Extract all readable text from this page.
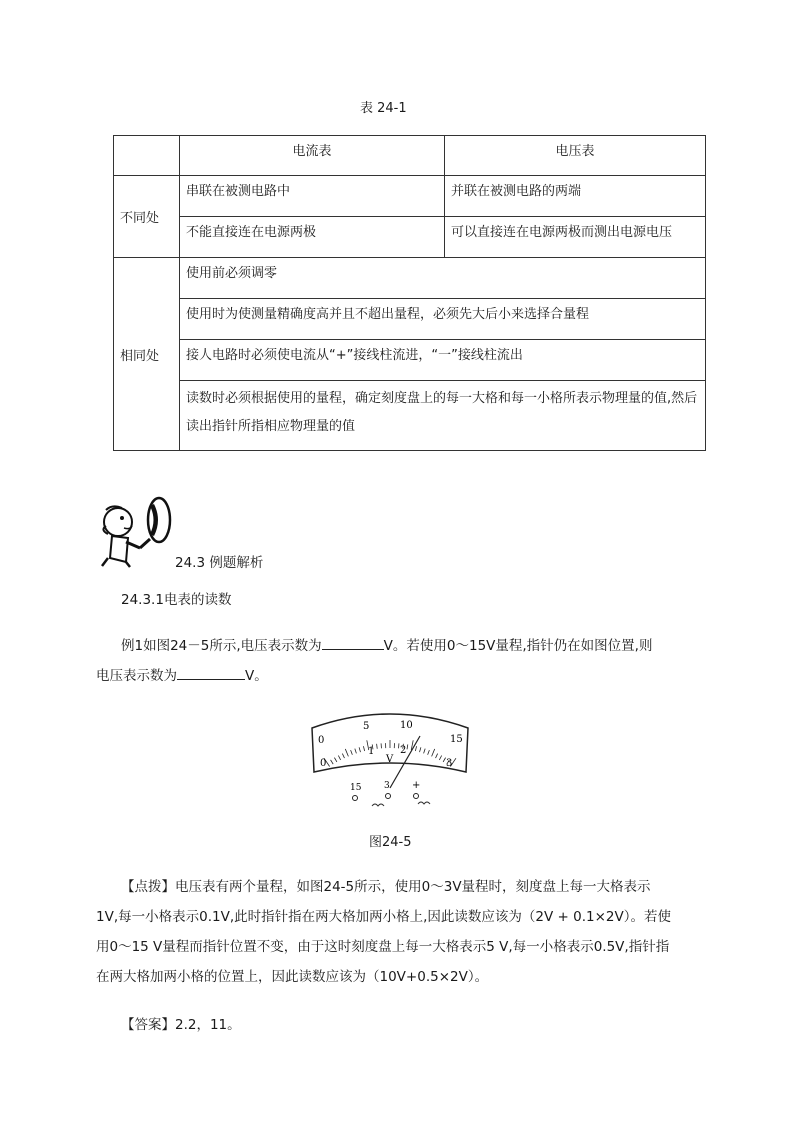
表 24-1
	电流表	电压表
不同处	串联在被测电路中	并联在被测电路的两端
	不能直接连在电源两极	可以直接连在电源两极而测出电源电压
相同处	使用前必须调零	
	使用时为使测量精确度高并且不超出量程，必须先大后小来选择合量程	
	接人电路时必须使电流从“+”接线柱流进，“一”接线柱流出	
	读数时必须根据使用的量程，确定刻度盘上的每一大格和每一小格所表示物理量的值,然后读出指针所指相应物理量的值	
24.3 例题解析
24.3.1电表的读数
例1如图24－5所示,电压表示数为	V。若使用0～15V量程,指针仍在如图位置,则
电压表示数为	V。
0
5	10
15
0
1	2
3
V
15	3 +
图24-5
【点拨】电压表有两个量程，如图24-5所示，使用0～3V量程时，刻度盘上每一大格表示
1V,每一小格表示0.1V,此时指针指在两大格加两小格上,因此读数应该为（2V + 0.1×2V）。若使
用0～15 V量程而指针位置不变，由于这时刻度盘上每一大格表示5 V,每一小格表示0.5V,指针指
在两大格加两小格的位置上，因此读数应该为（10V+0.5×2V）。
【答案】2.2，11。
